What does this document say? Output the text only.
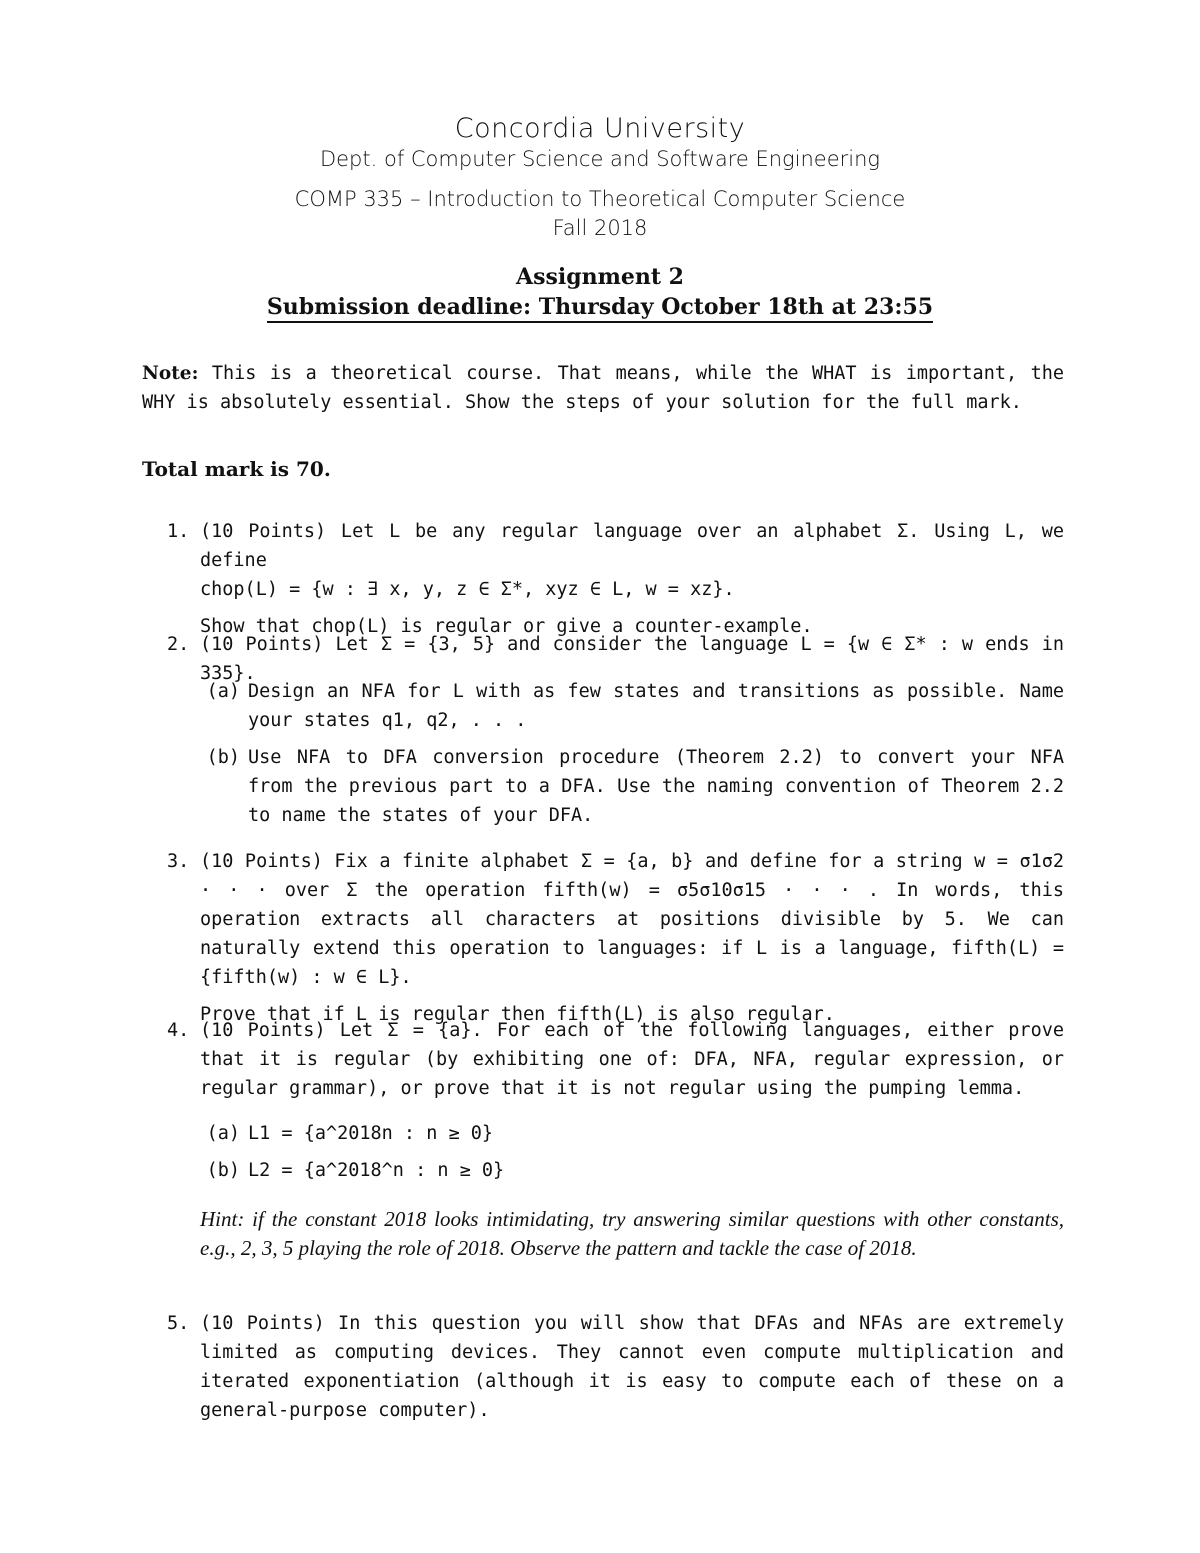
Concordia University
Dept. of Computer Science and Software Engineering
COMP 335 – Introduction to Theoretical Computer Science
Fall 2018
Assignment 2
Submission deadline: Thursday October 18th at 23:55
Note: This is a theoretical course. That means, while the WHAT is important, the WHY is absolutely essential. Show the steps of your solution for the full mark.
Total mark is 70.
1. (10 Points) Let L be any regular language over an alphabet Σ. Using L, we define
chop(L) = {w : ∃ x, y, z ∈ Σ*, xyz ∈ L, w = xz}.
Show that chop(L) is regular or give a counter-example.
2. (10 Points) Let Σ = {3, 5} and consider the language L = {w ∈ Σ* : w ends in 335}.
(a) Design an NFA for L with as few states and transitions as possible. Name your states q1, q2, . . .
(b) Use NFA to DFA conversion procedure (Theorem 2.2) to convert your NFA from the previous part to a DFA. Use the naming convention of Theorem 2.2 to name the states of your DFA.
3. (10 Points) Fix a finite alphabet Σ = {a, b} and define for a string w = σ1σ2 · · · over Σ the operation fifth(w) = σ5σ10σ15 · · · . In words, this operation extracts all characters at positions divisible by 5. We can naturally extend this operation to languages: if L is a language, fifth(L) = {fifth(w) : w ∈ L}.
Prove that if L is regular then fifth(L) is also regular.
4. (10 Points) Let Σ = {a}. For each of the following languages, either prove that it is regular (by exhibiting one of: DFA, NFA, regular expression, or regular grammar), or prove that it is not regular using the pumping lemma.
(a) L1 = {a^2018n : n ≥ 0}
(b) L2 = {a^2018^n : n ≥ 0}
Hint: if the constant 2018 looks intimidating, try answering similar questions with other constants, e.g., 2, 3, 5 playing the role of 2018. Observe the pattern and tackle the case of 2018.
5. (10 Points) In this question you will show that DFAs and NFAs are extremely limited as computing devices. They cannot even compute multiplication and iterated exponentiation (although it is easy to compute each of these on a general-purpose computer).
